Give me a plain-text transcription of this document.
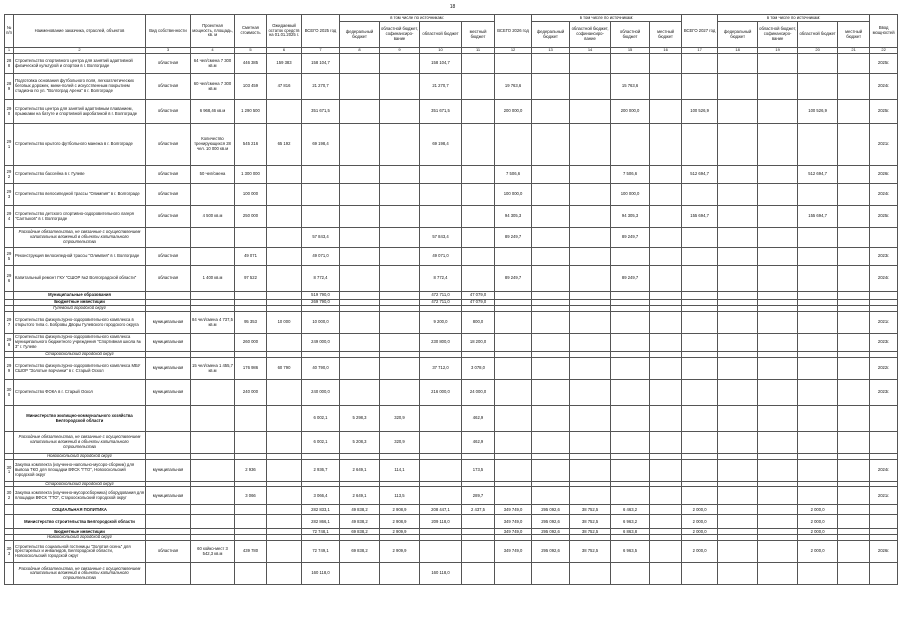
18
№ п/п	Наименование заказчика, отраслей, объектов	Вид собственности	Проектная мощность, площадь, кв. м	Сметная стоимость	Ожидаемый остаток средств на 01.01.2025 г.	ВСЕГО 2025 год	в том числе по источникам:				ВСЕГО 2026 год	в том числе по источникам:				ВСЕГО 2027 год	в том числе по источникам:				Ввод мощностей
							федеральный бюджет	областной бюджет, софинансиро-вание	областной бюджет	местный бюджет		федеральный бюджет	областной бюджет, софинансиро-вание	областной бюджет	местный бюджет		федеральный бюджет	областной бюджет, софинансиро-вание	областной бюджет	местный бюджет	
1	2	3	4	5	6	7	8	9	10	11	12	13	14	15	16	17	18	19	20	21	22
288	Строительство спортивного центра для занятий адаптивной физической культурой и спортом в г. Волгограде	областная	64 чел/смена 7 300 кв.м	446 385	159 383	158 104,7			158 104,7												2025г.
289	Подготовка основания футбольного поля, легкоатлетических беговых дорожек, мини-полей с искусственным покрытием стадиона по ул. "Волгоград Арена" в г. Волгограде	областная	60 чел/смена 7 300 кв.м	103 459	47 816	21 270,7			21 270,7		19 763,6			15 763,6							2024г.
290	Строительство центра для занятий адаптивным плаванием, прыжками на батуте и спортивной акробатикой в г. Волгограде	областная	6 968,46 кв.м	1 290 500		351 671,5			351 671,5		200 000,0			200 000,0		100 526,9			100 526,9		2025г.
291	Строительство крытого футбольного манежа в г. Волгограде	областная	Количество тренирующихся 28 чел. 10 000 кв.м	545 216	65 192	69 198,4			69 198,4												2021г.
292	Строительство бассейна в г. Гулеве	областная	50 чел/смена	1 300 000							7 506,6			7 506,6		512 694,7			512 694,7		2026г.
293	Строительство велосипедной трассы "Олимпия" в г. Волгограде	областная		100 000							100 000,0			100 000,0							2024г.
294	Строительство детского спортивно-оздоровительного лагеря "Салтыков" в г. Волгограде	областная	4 500 кв.м	250 000							94 305,3			94 305,3		155 694,7			155 694,7		2025г.
	Расходные обязательства, не связанные с осуществлением капитальных вложений в объекты капитального строительства					57 843,4			57 843,4		89 249,7			89 249,7							
295	Реконструкция велосипедной трассы "Олимпия" в г. Волгограде	областная		49 071		49 071,0			49 071,0												2023г.
296	Капитальный ремонт ГКУ "СШОР №2 Волгоградской области"	областная	1 400 кв.м	97 522		8 772,4			8 772,4		89 249,7			89 249,7							2024г.
	Муниципальные образования					519 790,0			472 711,0	47 079,0											
	Бюджетные инвестиции					269 790,0			472 711,0	47 079,0											
	Гулевский городской округ																				
297	Строительство физкультурно-оздоровительного комплекса в открытого типа с. Бобровы Дворы Гулевского городского округа	муниципальная	84 чел/смена 4 737,5 кв.м	95 353	10 000	10 000,0			9 200,0	800,0											2021г.
298	Строительство физкультурно-оздоровительного комплекса муниципального бюджетного учреждения "Спортивная школа № 3" г. Гулеве	муниципальная		260 000		249 000,0			230 800,0	18 200,0											2023г.
	Старооскольский городской округ																				
299	Строительство физкультурно-оздоровительного комплекса МБУ СШОР "Золотые ворчанки" в г. Старый Оскол	муниципальная	15 чел/смена 1 455,7 кв.м	176 986	60 790	40 790,0			37 712,0	3 078,0											2022г.
300	Строительство ФОКА в г. Старый Оскол	муниципальная		240 000		240 000,0			216 000,0	24 000,0											2023г.
	Министерство жилищно-коммунального хозяйства Белгородской области					6 002,1	5 298,3	320,9		462,9											
	Расходные обязательства, не связанные с осуществлением капитальных вложений в объекты капитального строительства					6 002,1	5 208,3	320,9		462,9											
	Новооскольский городской округ																				
301	Закупка комплекта (изученно-напольно-мусоро-сборник) для вывоза ТКО для площадки ВФСК "ГТО", Новооскольский городской округ	муниципальная		2 936		2 936,7	2 649,1	114,1		173,5											2024г.
	Старооскольский городской округ																				
302	Закупка комплекта (изученно-мусоросборника) оборудования для площадки ВФСК "ГТО", Старооскольский городской округ	муниципальная		3 066		3 066,4	2 649,1	113,5		289,7											2021г.
	СОЦИАЛЬНАЯ ПОЛИТИКА					282 833,1	49 838,2	2 908,9	208 447,1	2 437,5	349 749,0	295 092,6	38 752,5	6 463,2		2 000,0			2 000,0		
	Министерство строительства Белгородской области					282 866,1	49 838,2	2 908,9	209 118,0		349 749,0	295 092,6	38 752,5	6 963,2		2 000,0			2 000,0		
	Бюджетные инвестиции					72 748,1	69 838,2	2 909,9			349 749,0	295 092,6	38 752,5	6 863,8		2 000,0			2 000,0		
	Новооскольский городской округ																				
303	Строительство социальной гостиницы "Золотая осень" для престарелых и инвалидов, Белгородской области, Новооскольский городской округ	областная	60 койко-мест 3 542,3 кв.м	439 780		72 749,1	69 838,2	2 909,9			349 749,0	295 092,6	38 752,5	6 963,5		2 000,0			2 000,0		2026г.
	Расходные обязательства, не связанные с осуществлением капитальных вложений в объекты капитального строительства					160 118,0			160 118,0												
